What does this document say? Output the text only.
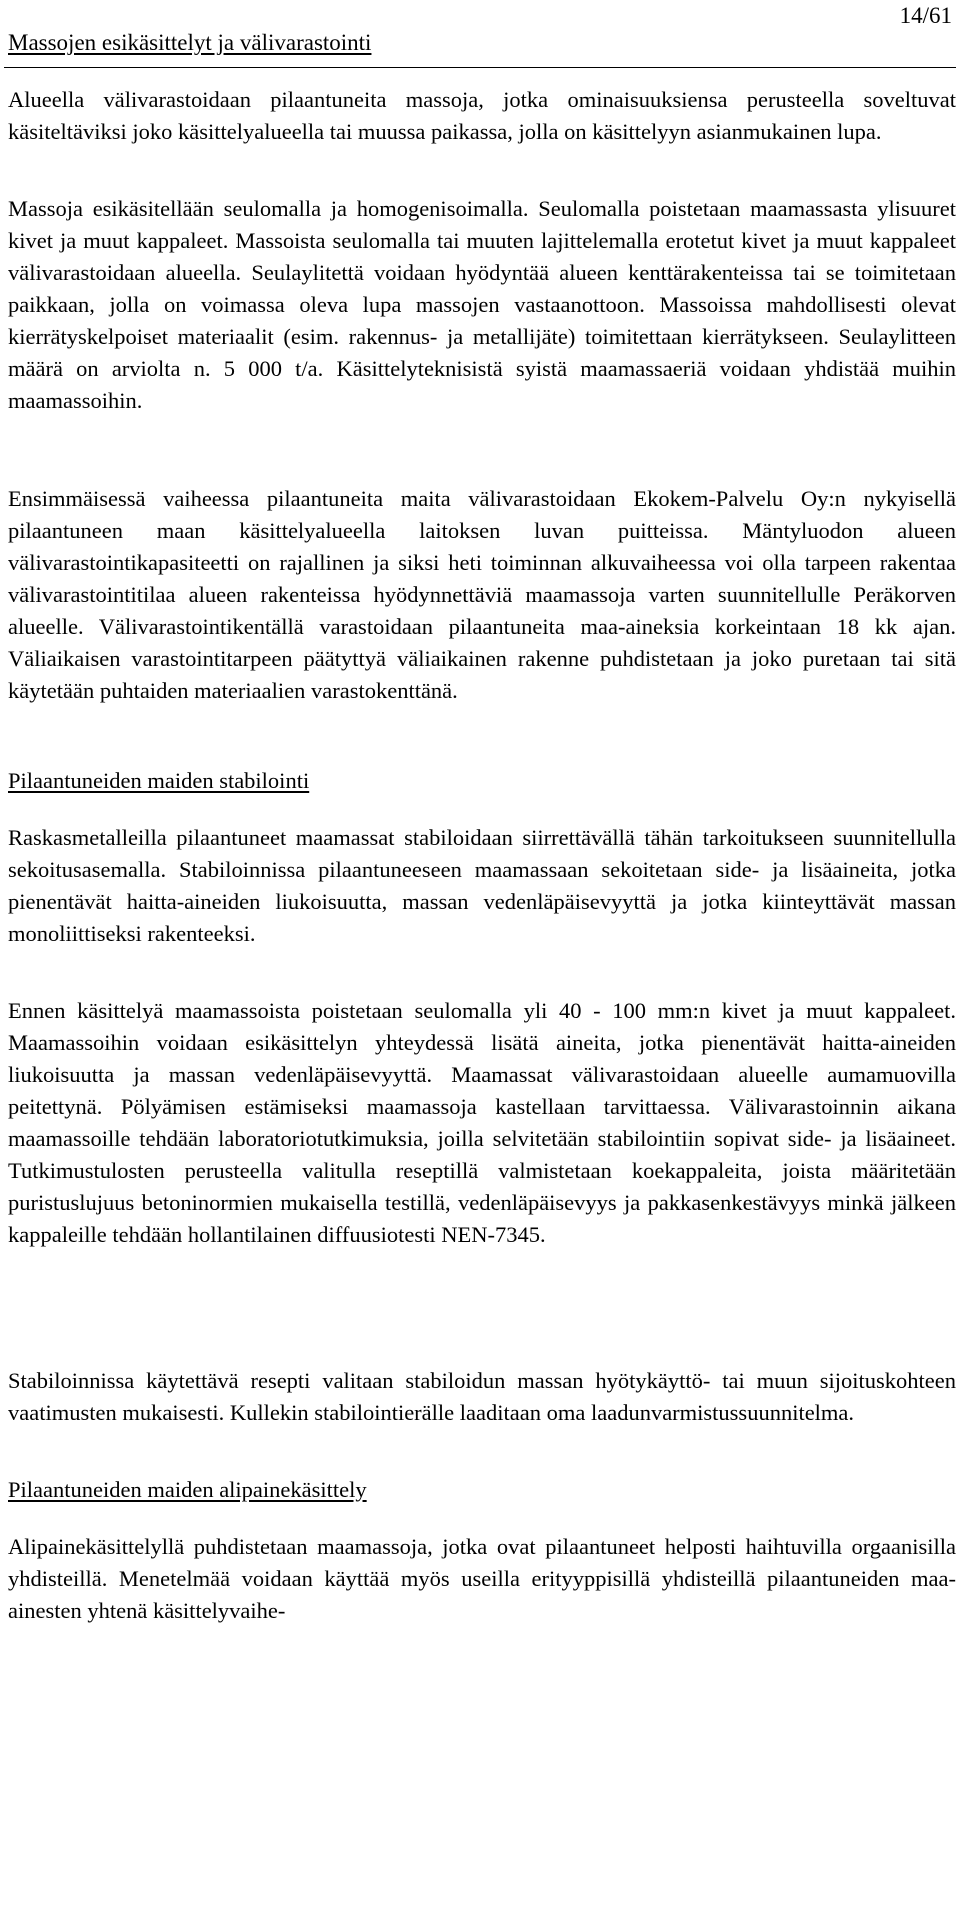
Massojen esikäsittelyt ja välivarastointi
14/61

Alueella välivarastoidaan pilaantuneita massoja, jotka ominaisuuksiensa perusteella soveltuvat käsiteltäviksi joko käsittelyalueella tai muussa paikassa, jolla on käsittelyyn asianmukainen lupa.

Massoja esikäsitellään seulomalla ja homogenisoimalla. Seulomalla poistetaan maamassasta ylisuuret kivet ja muut kappaleet. Massoista seulomalla tai muuten lajittelemalla erotetut kivet ja muut kappaleet välivarastoidaan alueella. Seulaylitettä voidaan hyödyntää alueen kenttärakenteissa tai se toimitetaan paikkaan, jolla on voimassa oleva lupa massojen vastaanottoon. Massoissa mahdollisesti olevat kierrätyskelpoiset materiaalit (esim. rakennus- ja metallijäte) toimitettaan kierrätykseen. Seulaylitteen määrä on arviolta n. 5 000 t/a. Käsittelyteknisistä syistä maamassaeriä voidaan yhdistää muihin maamassoihin.

Ensimmäisessä vaiheessa pilaantuneita maita välivarastoidaan Ekokem-Palvelu Oy:n nykyisellä pilaantuneen maan käsittelyalueella laitoksen luvan puitteissa. Mäntyluodon alueen välivarastointikapasiteetti on rajallinen ja siksi heti toiminnan alkuvaiheessa voi olla tarpeen rakentaa välivarastointitilaa alueen rakenteissa hyödynnettäviä maamassoja varten suunnitellulle Peräkorven alueelle. Välivarastointikentällä varastoidaan pilaantuneita maa-aineksia korkeintaan 18 kk ajan. Väliaikaisen varastointitarpeen päätyttyä väliaikainen rakenne puhdistetaan ja joko puretaan tai sitä käytetään puhtaiden materiaalien varastokenttänä.

Pilaantuneiden maiden stabilointi

Raskasmetalleilla pilaantuneet maamassat stabiloidaan siirrettävällä tähän tarkoitukseen suunnitellulla sekoitusasemalla. Stabiloinnissa pilaantuneeseen maamassaan sekoitetaan side- ja lisäaineita, jotka pienentävät haitta-aineiden liukoisuutta, massan vedenläpäisevyyttä ja jotka kiinteyttävät massan monoliittiseksi rakenteeksi.

Ennen käsittelyä maamassoista poistetaan seulomalla yli 40 - 100 mm:n kivet ja muut kappaleet. Maamassoihin voidaan esikäsittelyn yhteydessä lisätä aineita, jotka pienentävät haitta-aineiden liukoisuutta ja massan vedenläpäisevyyttä. Maamassat välivarastoidaan alueelle aumamuovilla peitettynä. Pölyämisen estämiseksi maamassoja kastellaan tarvittaessa. Välivarastoinnin aikana maamassoille tehdään laboratoriotutkimuksia, joilla selvitetään stabilointiin sopivat side- ja lisäaineet. Tutkimustulosten perusteella valitulla reseptillä valmistetaan koekappaleita, joista määritetään puristuslujuus betoninormien mukaisella testillä, vedenläpäisevyys ja pakkasenkestävyys minkä jälkeen kappaleille tehdään hollantilainen diffuusiotesti NEN-7345.

Stabiloinnissa käytettävä resepti valitaan stabiloidun massan hyötykäyttö- tai muun sijoituskohteen vaatimusten mukaisesti. Kullekin stabilointierälle laaditaan oma laadunvarmistussuunnitelma.

Pilaantuneiden maiden alipainekäsittely

Alipainekäsittelyllä puhdistetaan maamassoja, jotka ovat pilaantuneet helposti haihtuvilla orgaanisilla yhdisteillä. Menetelmää voidaan käyttää myös useilla erityyppisillä yhdisteillä pilaantuneiden maa-ainesten yhtenä käsittelyvaihe-
